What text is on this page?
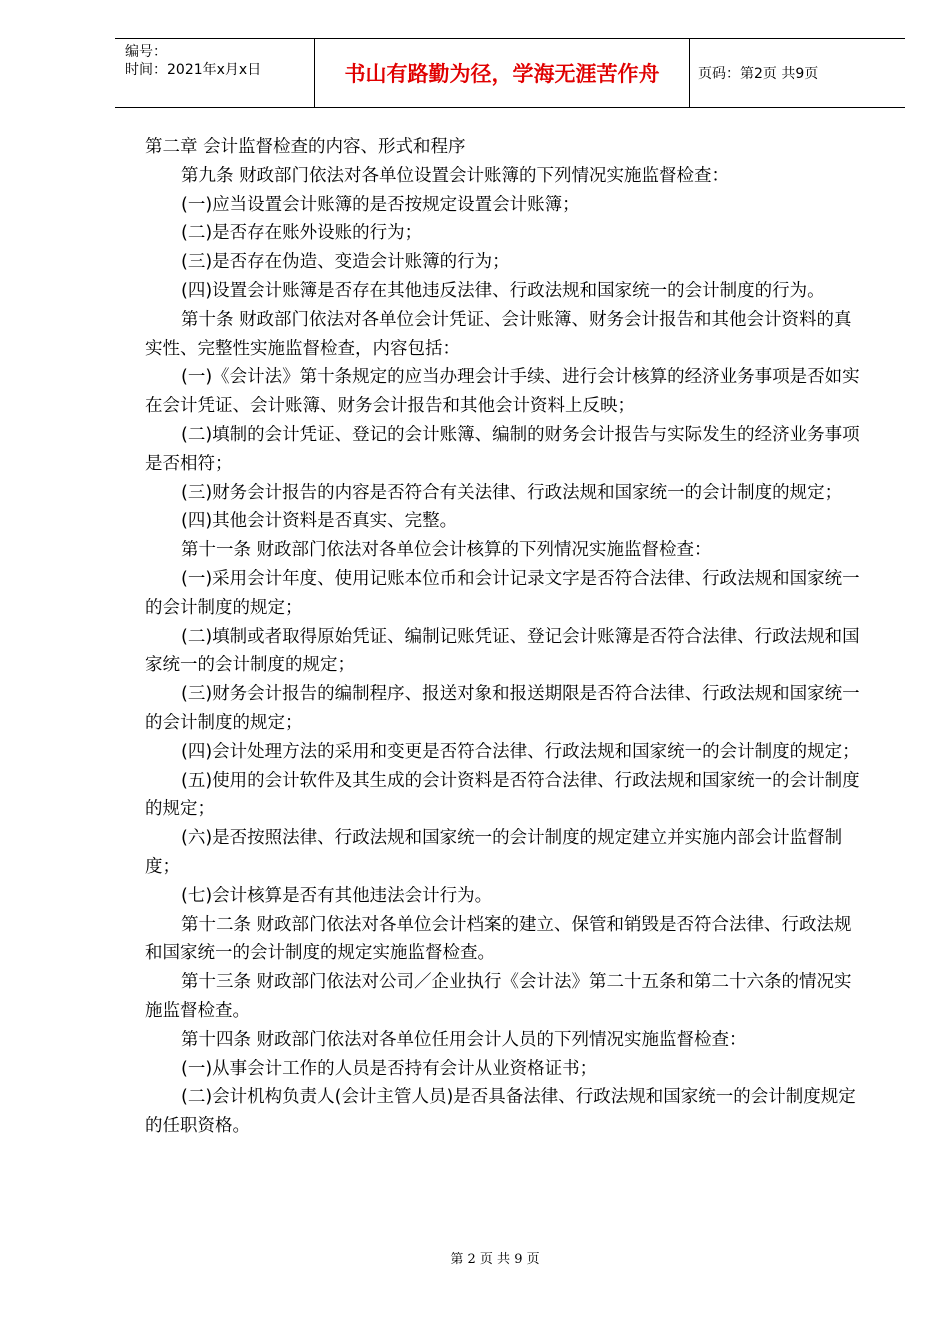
编号：
时间：2021年x月x日	书山有路勤为径，学海无涯苦作舟	页码：第2页 共9页

第二章 会计监督检查的内容、形式和程序

第九条 财政部门依法对各单位设置会计账簿的下列情况实施监督检查：

(一)应当设置会计账簿的是否按规定设置会计账簿；

(二)是否存在账外设账的行为；

(三)是否存在伪造、变造会计账簿的行为；

(四)设置会计账簿是否存在其他违反法律、行政法规和国家统一的会计制度的行为。

第十条 财政部门依法对各单位会计凭证、会计账簿、财务会计报告和其他会计资料的真实性、完整性实施监督检查，内容包括：

(一)《会计法》第十条规定的应当办理会计手续、进行会计核算的经济业务事项是否如实在会计凭证、会计账簿、财务会计报告和其他会计资料上反映；

(二)填制的会计凭证、登记的会计账簿、编制的财务会计报告与实际发生的经济业务事项是否相符；

(三)财务会计报告的内容是否符合有关法律、行政法规和国家统一的会计制度的规定；

(四)其他会计资料是否真实、完整。

第十一条 财政部门依法对各单位会计核算的下列情况实施监督检查：

(一)采用会计年度、使用记账本位币和会计记录文字是否符合法律、行政法规和国家统一的会计制度的规定；

(二)填制或者取得原始凭证、编制记账凭证、登记会计账簿是否符合法律、行政法规和国家统一的会计制度的规定；

(三)财务会计报告的编制程序、报送对象和报送期限是否符合法律、行政法规和国家统一的会计制度的规定；

(四)会计处理方法的采用和变更是否符合法律、行政法规和国家统一的会计制度的规定；

(五)使用的会计软件及其生成的会计资料是否符合法律、行政法规和国家统一的会计制度的规定；

(六)是否按照法律、行政法规和国家统一的会计制度的规定建立并实施内部会计监督制度；

(七)会计核算是否有其他违法会计行为。

第十二条 财政部门依法对各单位会计档案的建立、保管和销毁是否符合法律、行政法规和国家统一的会计制度的规定实施监督检查。

第十三条 财政部门依法对公司／企业执行《会计法》第二十五条和第二十六条的情况实施监督检查。

第十四条 财政部门依法对各单位任用会计人员的下列情况实施监督检查：

(一)从事会计工作的人员是否持有会计从业资格证书；

(二)会计机构负责人(会计主管人员)是否具备法律、行政法规和国家统一的会计制度规定的任职资格。

第 2 页 共 9 页
